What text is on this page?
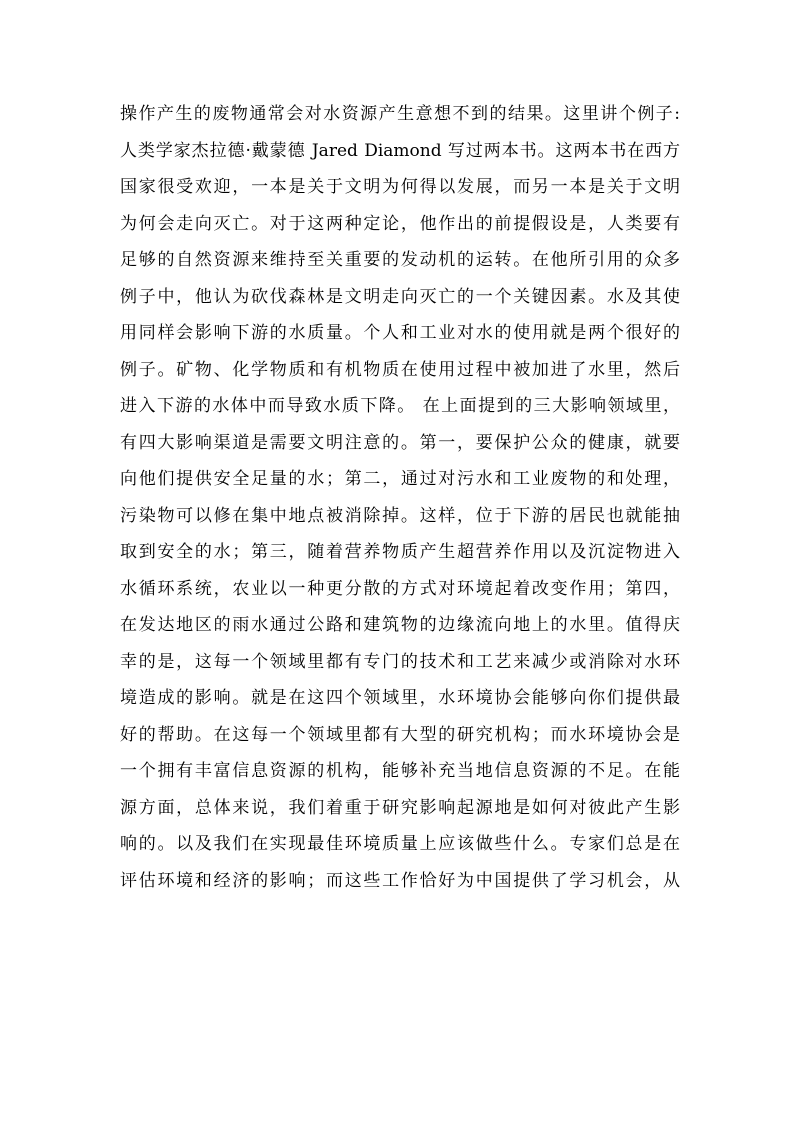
操作产生的废物通常会对水资源产生意想不到的结果。这里讲个例子:
人类学家杰拉德·戴蒙德 Jared Diamond 写过两本书。这两本书在西方
国家很受欢迎，一本是关于文明为何得以发展，而另一本是关于文明
为何会走向灭亡。对于这两种定论，他作出的前提假设是，人类要有
足够的自然资源来维持至关重要的发动机的运转。在他所引用的众多
例子中，他认为砍伐森林是文明走向灭亡的一个关键因素。水及其使
用同样会影响下游的水质量。个人和工业对水的使用就是两个很好的
例子。矿物、化学物质和有机物质在使用过程中被加进了水里，然后
进入下游的水体中而导致水质下降。 在上面提到的三大影响领域里，
有四大影响渠道是需要文明注意的。第一，要保护公众的健康，就要
向他们提供安全足量的水；第二，通过对污水和工业废物的和处理，
污染物可以修在集中地点被消除掉。这样，位于下游的居民也就能抽
取到安全的水；第三，随着营养物质产生超营养作用以及沉淀物进入
水循环系统，农业以一种更分散的方式对环境起着改变作用；第四，
在发达地区的雨水通过公路和建筑物的边缘流向地上的水里。值得庆
幸的是，这每一个领域里都有专门的技术和工艺来减少或消除对水环
境造成的影响。就是在这四个领域里，水环境协会能够向你们提供最
好的帮助。在这每一个领域里都有大型的研究机构；而水环境协会是
一个拥有丰富信息资源的机构，能够补充当地信息资源的不足。在能
源方面，总体来说，我们着重于研究影响起源地是如何对彼此产生影
响的。以及我们在实现最佳环境质量上应该做些什么。专家们总是在
评估环境和经济的影响；而这些工作恰好为中国提供了学习机会，从
